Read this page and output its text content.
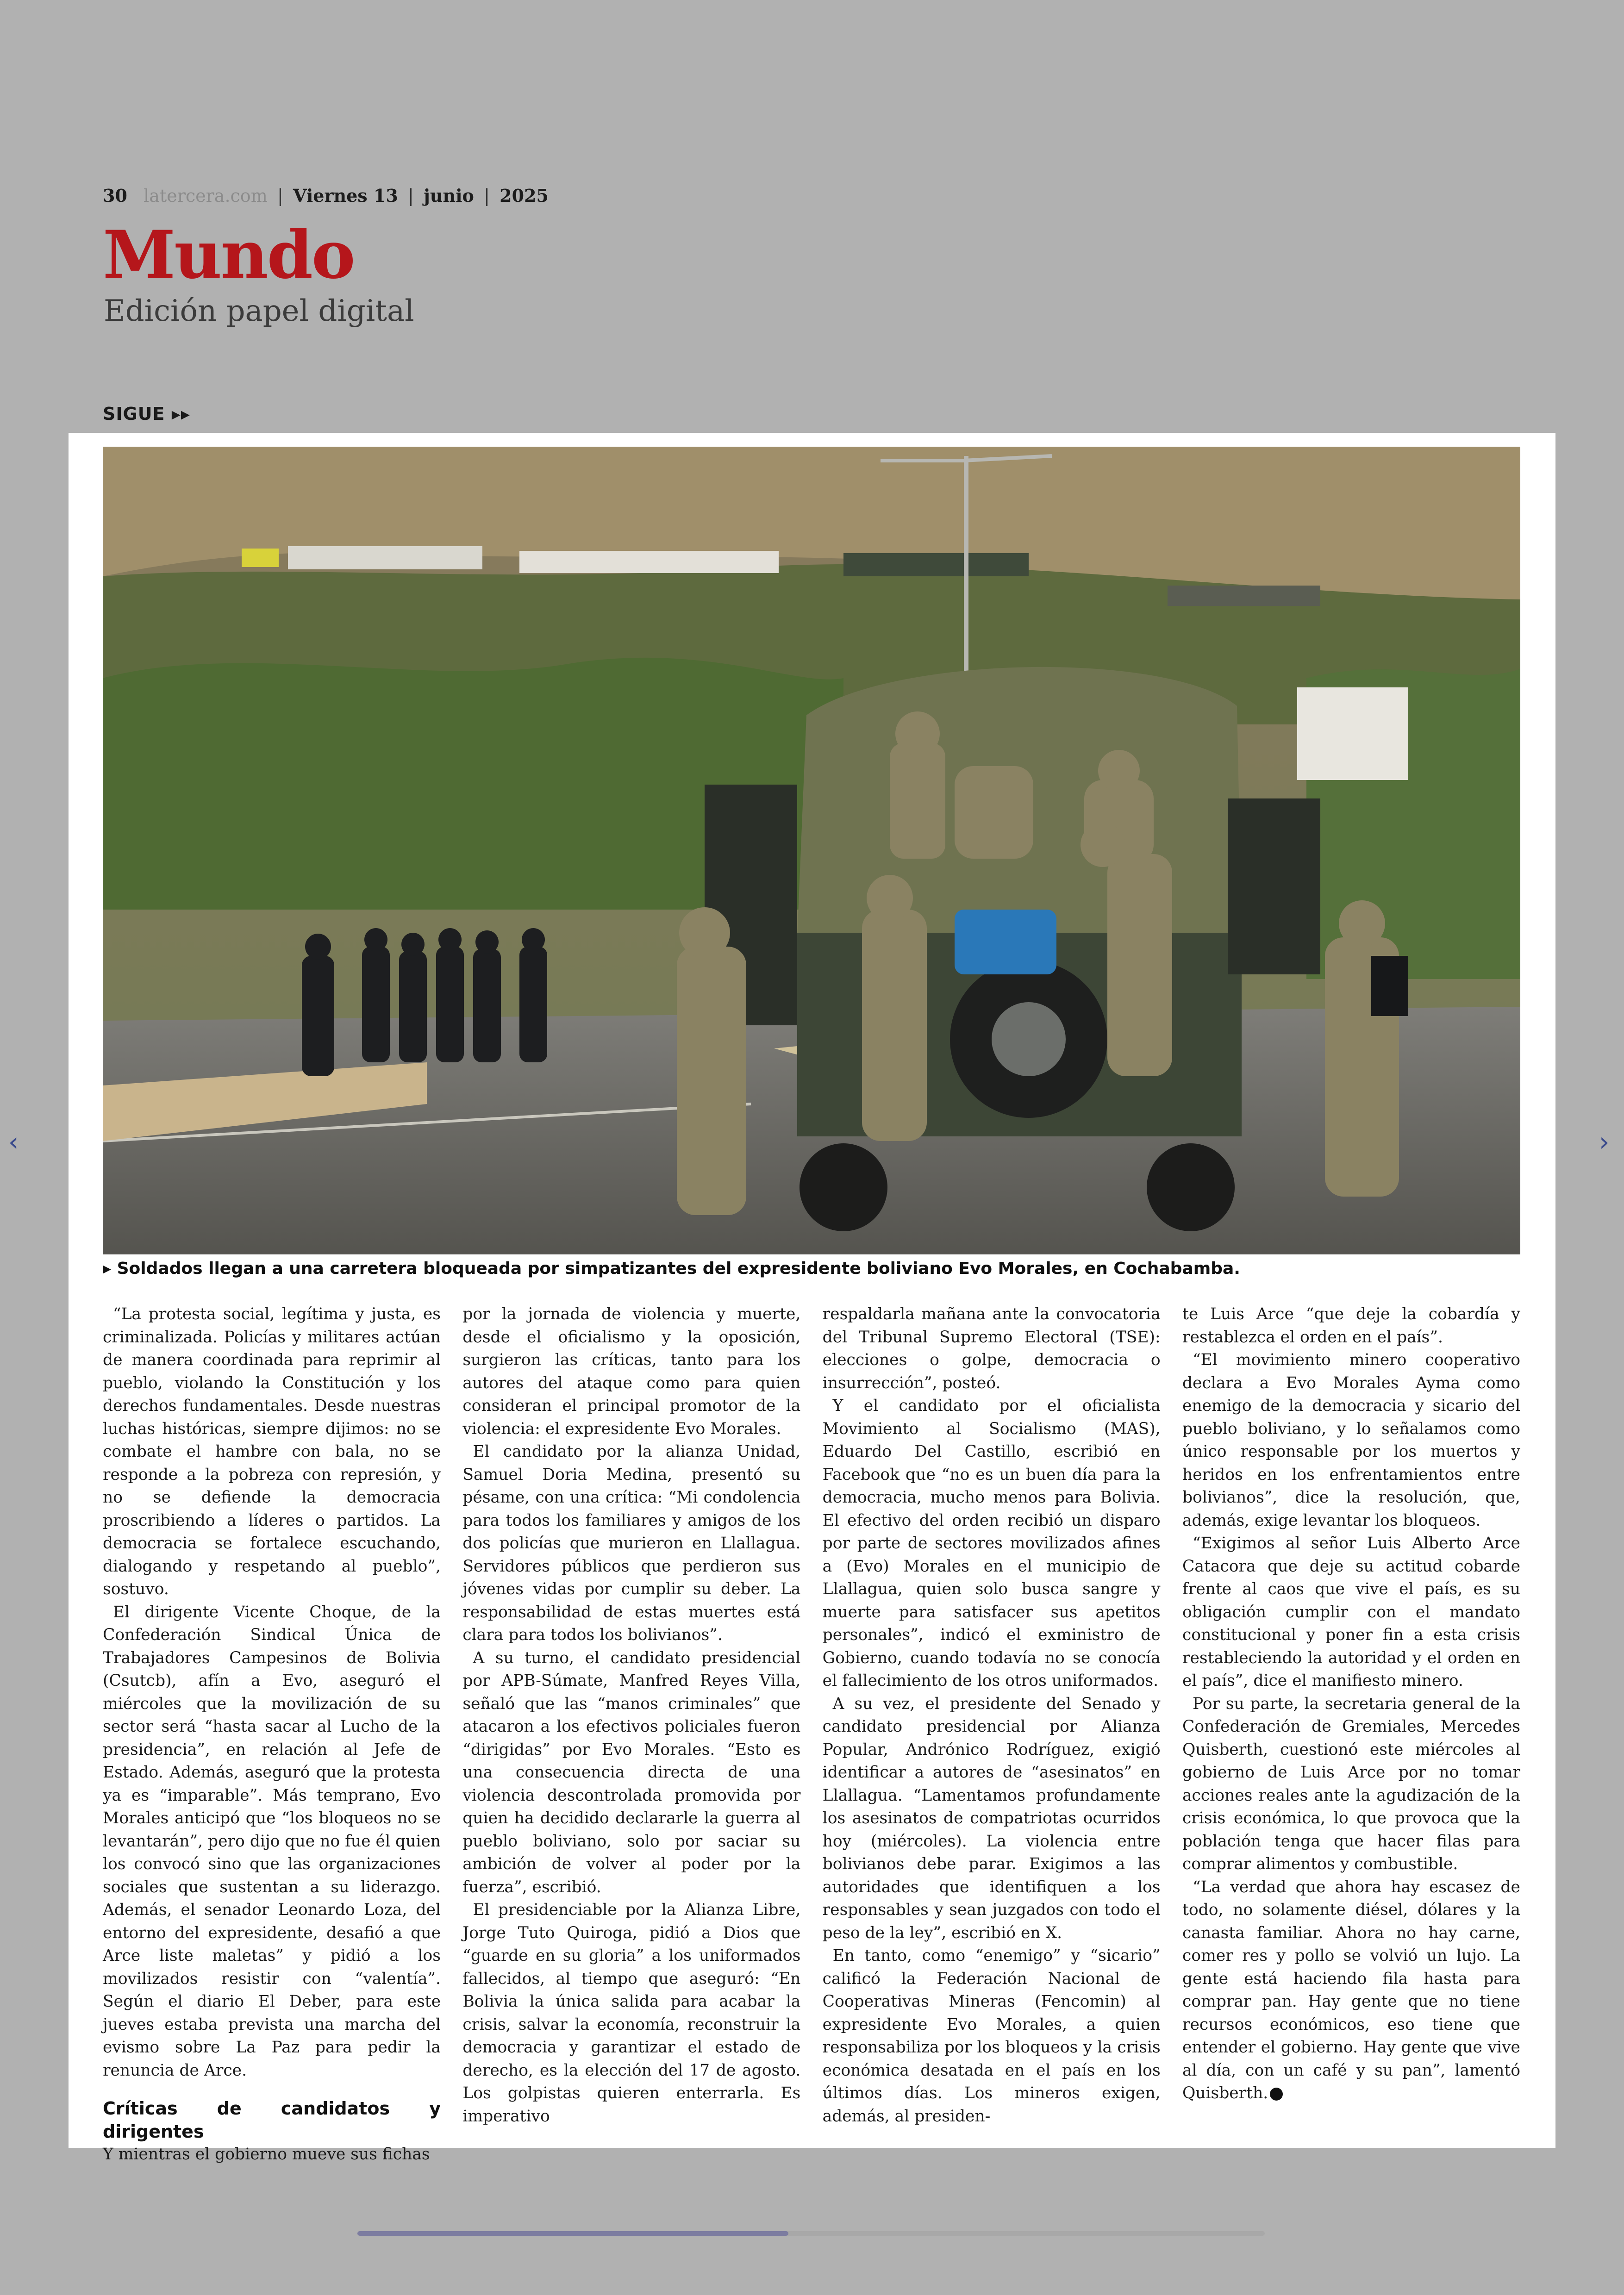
30 latercera.com | Viernes 13 | junio | 2025
Mundo
Edición papel digital
SIGUE ▸▸
▸ Soldados llegan a una carretera bloqueada por simpatizantes del expresidente boliviano Evo Morales, en Cochabamba.

“La protesta social, legítima y justa, es criminalizada. Policías y militares actúan de manera coordinada para reprimir al pueblo, violando la Constitución y los derechos fundamentales. Desde nuestras luchas históricas, siempre dijimos: no se combate el hambre con bala, no se responde a la pobreza con represión, y no se defiende la democracia proscribiendo a líderes o partidos. La democracia se fortalece escuchando, dialogando y respetando al pueblo”, sostuvo.

El dirigente Vicente Choque, de la Confederación Sindical Única de Trabajadores Campesinos de Bolivia (Csutcb), afín a Evo, aseguró el miércoles que la movilización de su sector será “hasta sacar al Lucho de la presidencia”, en relación al Jefe de Estado. Además, aseguró que la protesta ya es “imparable”. Más temprano, Evo Morales anticipó que “los bloqueos no se levantarán”, pero dijo que no fue él quien los convocó sino que las organizaciones sociales que sustentan a su liderazgo. Además, el senador Leonardo Loza, del entorno del expresidente, desafió a que Arce liste maletas” y pidió a los movilizados resistir con “valentía”. Según el diario El Deber, para este jueves estaba prevista una marcha del evismo sobre La Paz para pedir la renuncia de Arce.

Críticas de candidatos y dirigentes

Y mientras el gobierno mueve sus fichas

por la jornada de violencia y muerte, desde el oficialismo y la oposición, surgieron las críticas, tanto para los autores del ataque como para quien consideran el principal promotor de la violencia: el expresidente Evo Morales.

El candidato por la alianza Unidad, Samuel Doria Medina, presentó su pésame, con una crítica: “Mi condolencia para todos los familiares y amigos de los dos policías que murieron en Llallagua. Servidores públicos que perdieron sus jóvenes vidas por cumplir su deber. La responsabilidad de estas muertes está clara para todos los bolivianos”.

A su turno, el candidato presidencial por APB-Súmate, Manfred Reyes Villa, señaló que las “manos criminales” que atacaron a los efectivos policiales fueron “dirigidas” por Evo Morales. “Esto es una consecuencia directa de una violencia descontrolada promovida por quien ha decidido declararle la guerra al pueblo boliviano, solo por saciar su ambición de volver al poder por la fuerza”, escribió.

El presidenciable por la Alianza Libre, Jorge Tuto Quiroga, pidió a Dios que “guarde en su gloria” a los uniformados fallecidos, al tiempo que aseguró: “En Bolivia la única salida para acabar la crisis, salvar la economía, reconstruir la democracia y garantizar el estado de derecho, es la elección del 17 de agosto. Los golpistas quieren enterrarla. Es imperativo

respaldarla mañana ante la convocatoria del Tribunal Supremo Electoral (TSE): elecciones o golpe, democracia o insurrección”, posteó.

Y el candidato por el oficialista Movimiento al Socialismo (MAS), Eduardo Del Castillo, escribió en Facebook que “no es un buen día para la democracia, mucho menos para Bolivia. El efectivo del orden recibió un disparo por parte de sectores movilizados afines a (Evo) Morales en el municipio de Llallagua, quien solo busca sangre y muerte para satisfacer sus apetitos personales”, indicó el exministro de Gobierno, cuando todavía no se conocía el fallecimiento de los otros uniformados.

A su vez, el presidente del Senado y candidato presidencial por Alianza Popular, Andrónico Rodríguez, exigió identificar a autores de “asesinatos” en Llallagua. “Lamentamos profundamente los asesinatos de compatriotas ocurridos hoy (miércoles). La violencia entre bolivianos debe parar. Exigimos a las autoridades que identifiquen a los responsables y sean juzgados con todo el peso de la ley”, escribió en X.

En tanto, como “enemigo” y “sicario” calificó la Federación Nacional de Cooperativas Mineras (Fencomin) al expresidente Evo Morales, a quien responsabiliza por los bloqueos y la crisis económica desatada en el país en los últimos días. Los mineros exigen, además, al presiden-

te Luis Arce “que deje la cobardía y restablezca el orden en el país”.

“El movimiento minero cooperativo declara a Evo Morales Ayma como enemigo de la democracia y sicario del pueblo boliviano, y lo señalamos como único responsable por los muertos y heridos en los enfrentamientos entre bolivianos”, dice la resolución, que, además, exige levantar los bloqueos.

“Exigimos al señor Luis Alberto Arce Catacora que deje su actitud cobarde frente al caos que vive el país, es su obligación cumplir con el mandato constitucional y poner fin a esta crisis restableciendo la autoridad y el orden en el país”, dice el manifiesto minero.

Por su parte, la secretaria general de la Confederación de Gremiales, Mercedes Quisberth, cuestionó este miércoles al gobierno de Luis Arce por no tomar acciones reales ante la agudización de la crisis económica, lo que provoca que la población tenga que hacer filas para comprar alimentos y combustible.

“La verdad que ahora hay escasez de todo, no solamente diésel, dólares y la canasta familiar. Ahora no hay carne, comer res y pollo se volvió un lujo. La gente está haciendo fila hasta para comprar pan. Hay gente que no tiene recursos económicos, eso tiene que entender el gobierno. Hay gente que vive al día, con un café y su pan”, lamentó Quisberth.

‹	›
